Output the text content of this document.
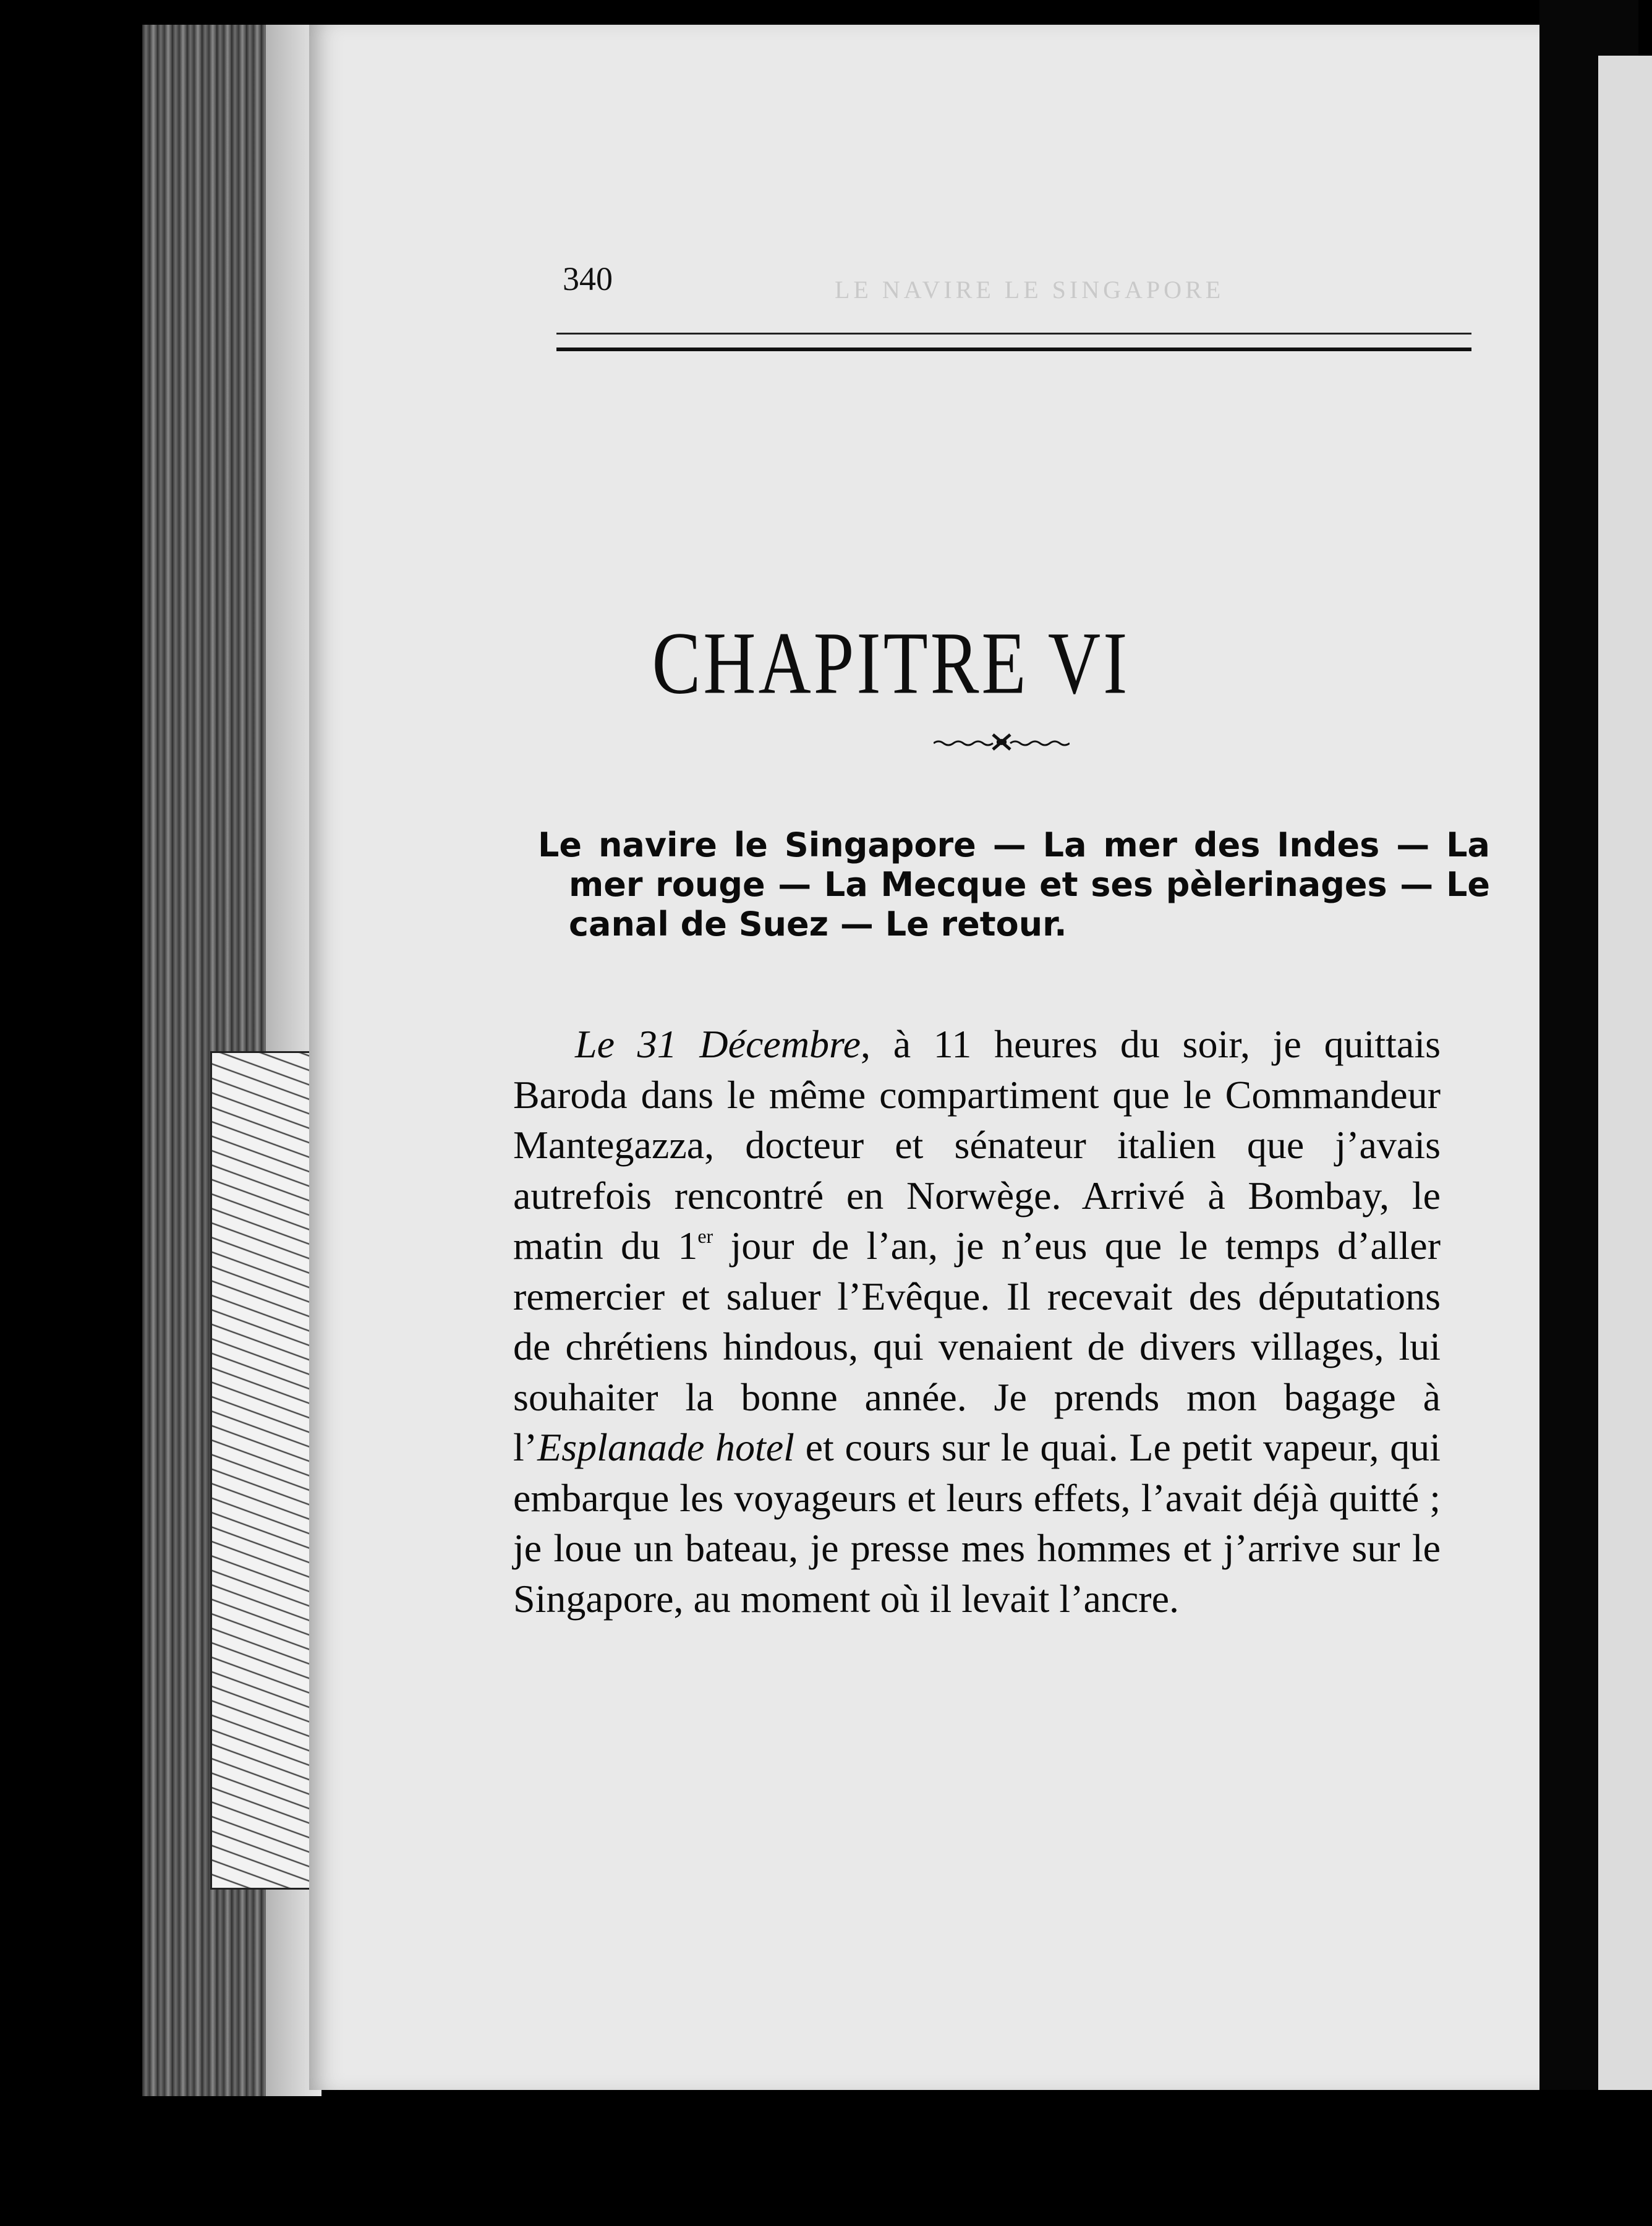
340	LE NAVIRE LE SINGAPORE
CHAPITRE VI
Le navire le Singapore — La mer des Indes — La mer rouge — La Mecque et ses pèlerinages — Le canal de Suez — Le retour.
Le 31 Décembre, à 11 heures du soir, je quittais Baroda dans le même compartiment que le Commandeur Mantegazza, docteur et sénateur italien que j’avais autrefois rencontré en Norwège. Arrivé à Bombay, le matin du 1er jour de l’an, je n’eus que le temps d’aller remercier et saluer l’Evêque. Il recevait des députations de chrétiens hindous, qui venaient de divers villages, lui souhaiter la bonne année. Je prends mon bagage à l’Esplanade hotel et cours sur le quai. Le petit vapeur, qui embarque les voyageurs et leurs effets, l’avait déjà quitté ; je loue un bateau, je presse mes hommes et j’arrive sur le Singapore, au moment où il levait l’ancre.
